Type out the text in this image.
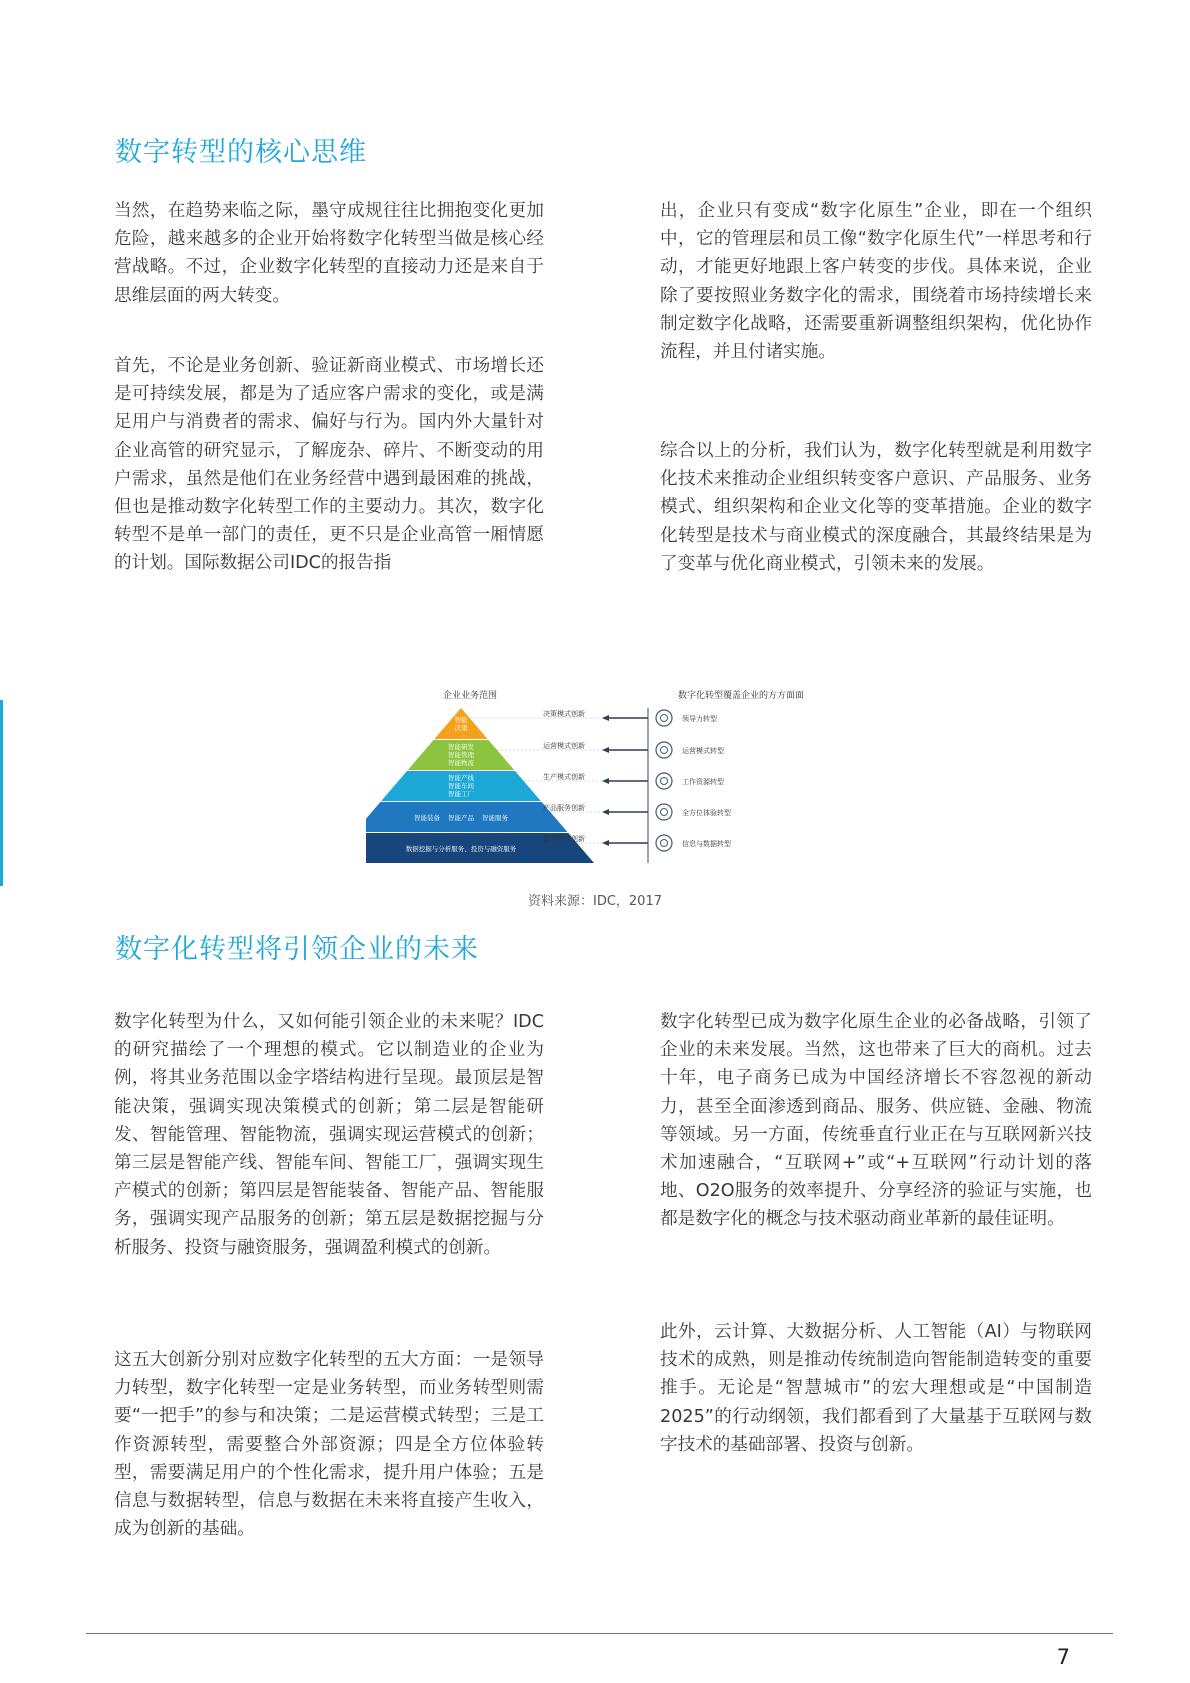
数字转型的核心思维

当然，在趋势来临之际，墨守成规往往比拥抱变化更加危险，越来越多的企业开始将数字化转型当做是核心经营战略。不过，企业数字化转型的直接动力还是来自于思维层面的两大转变。

首先，不论是业务创新、验证新商业模式、市场增长还是可持续发展，都是为了适应客户需求的变化，或是满足用户与消费者的需求、偏好与行为。国内外大量针对企业高管的研究显示，了解庞杂、碎片、不断变动的用户需求，虽然是他们在业务经营中遇到最困难的挑战，但也是推动数字化转型工作的主要动力。其次，数字化转型不是单一部门的责任，更不只是企业高管一厢情愿的计划。国际数据公司IDC的报告指

出，企业只有变成“数字化原生”企业，即在一个组织中，它的管理层和员工像“数字化原生代”一样思考和行动，才能更好地跟上客户转变的步伐。具体来说，企业除了要按照业务数字化的需求，围绕着市场持续增长来制定数字化战略，还需要重新调整组织架构，优化协作流程，并且付诸实施。

综合以上的分析，我们认为，数字化转型就是利用数字化技术来推动企业组织转变客户意识、产品服务、业务模式、组织架构和企业文化等的变革措施。企业的数字化转型是技术与商业模式的深度融合，其最终结果是为了变革与优化商业模式，引领未来的发展。

企业业务范围	数字化转型覆盖企业的方方面面
智能
决策
决策模式创新
领导力转型
智能研发
智能管理
智能物流
运营模式创新
运营模式转型
智能产线
智能车间
智能工厂
生产模式创新
工作资源转型
智能装备 智能产品 智能服务
产品服务创新
全方位体验转型
数据挖掘与分析服务、投资与融资服务
盈利模式创新
信息与数据转型
资料来源：IDC，2017
数字化转型将引领企业的未来

数字化转型为什么，又如何能引领企业的未来呢？IDC的研究描绘了一个理想的模式。它以制造业的企业为例，将其业务范围以金字塔结构进行呈现。最顶层是智能决策，强调实现决策模式的创新；第二层是智能研发、智能管理、智能物流，强调实现运营模式的创新；第三层是智能产线、智能车间、智能工厂，强调实现生产模式的创新；第四层是智能装备、智能产品、智能服务，强调实现产品服务的创新；第五层是数据挖掘与分析服务、投资与融资服务，强调盈利模式的创新。

这五大创新分别对应数字化转型的五大方面：一是领导力转型，数字化转型一定是业务转型，而业务转型则需要“一把手”的参与和决策；二是运营模式转型；三是工作资源转型，需要整合外部资源；四是全方位体验转型，需要满足用户的个性化需求，提升用户体验；五是信息与数据转型，信息与数据在未来将直接产生收入，成为创新的基础。

数字化转型已成为数字化原生企业的必备战略，引领了企业的未来发展。当然，这也带来了巨大的商机。过去十年，电子商务已成为中国经济增长不容忽视的新动力，甚至全面渗透到商品、服务、供应链、金融、物流等领域。另一方面，传统垂直行业正在与互联网新兴技术加速融合，“互联网+”或“+互联网”行动计划的落地、O2O服务的效率提升、分享经济的验证与实施，也都是数字化的概念与技术驱动商业革新的最佳证明。

此外，云计算、大数据分析、人工智能（AI）与物联网技术的成熟，则是推动传统制造向智能制造转变的重要推手。无论是“智慧城市”的宏大理想或是“中国制造2025”的行动纲领，我们都看到了大量基于互联网与数字技术的基础部署、投资与创新。

7
